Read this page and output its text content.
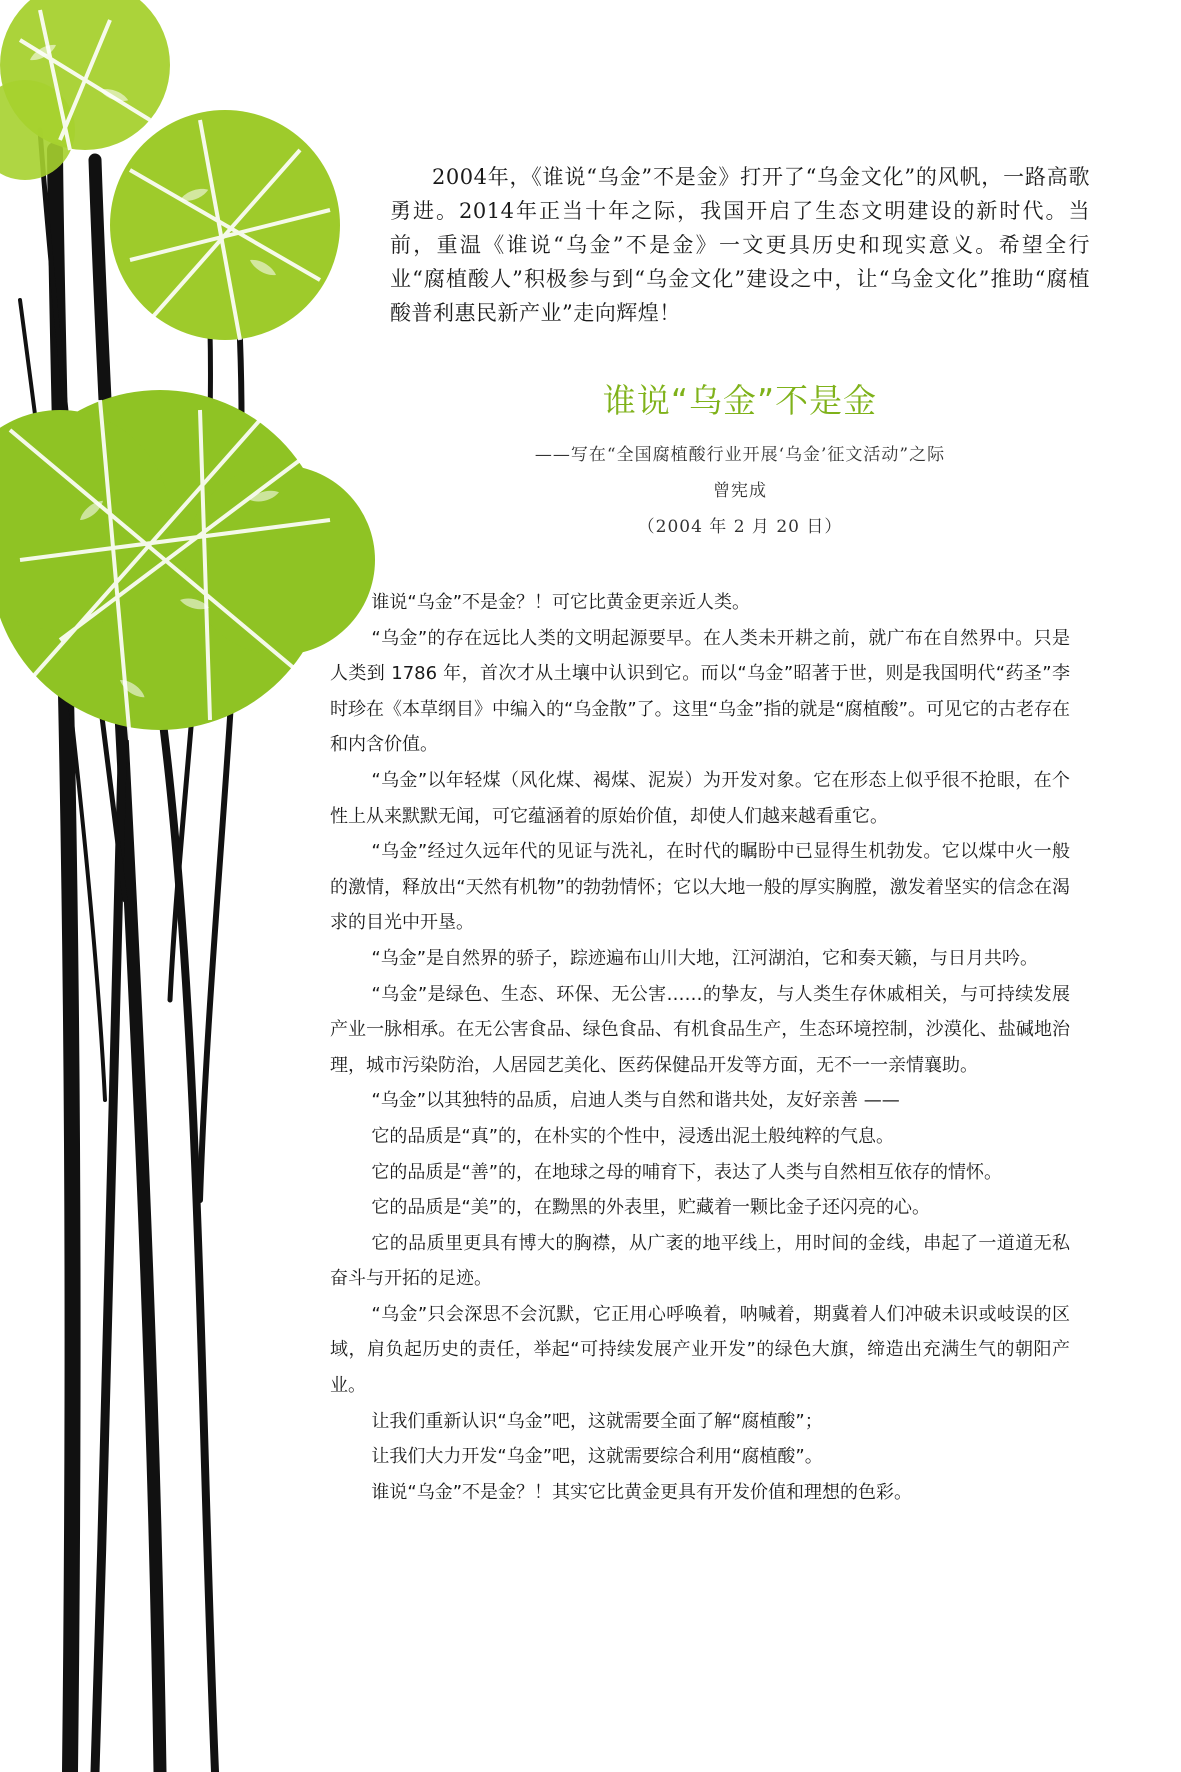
2004年，《谁说“乌金”不是金》打开了“乌金文化”的风帆，一路高歌勇进。2014年正当十年之际，我国开启了生态文明建设的新时代。当前，重温《谁说“乌金”不是金》一文更具历史和现实意义。希望全行业“腐植酸人”积极参与到“乌金文化”建设之中，让“乌金文化”推助“腐植酸普利惠民新产业”走向辉煌！
谁说“乌金”不是金
——写在“全国腐植酸行业开展‘乌金’征文活动”之际
曾宪成
（2004 年 2 月 20 日）

谁说“乌金”不是金？！可它比黄金更亲近人类。

“乌金”的存在远比人类的文明起源要早。在人类未开耕之前，就广布在自然界中。只是人类到 1786 年，首次才从土壤中认识到它。而以“乌金”昭著于世，则是我国明代“药圣”李时珍在《本草纲目》中编入的“乌金散”了。这里“乌金”指的就是“腐植酸”。可见它的古老存在和内含价值。

“乌金”以年轻煤（风化煤、褐煤、泥炭）为开发对象。它在形态上似乎很不抢眼，在个性上从来默默无闻，可它蕴涵着的原始价值，却使人们越来越看重它。

“乌金”经过久远年代的见证与洗礼，在时代的瞩盼中已显得生机勃发。它以煤中火一般的激情，释放出“天然有机物”的勃勃情怀；它以大地一般的厚实胸膛，激发着坚实的信念在渴求的目光中开垦。

“乌金”是自然界的骄子，踪迹遍布山川大地，江河湖泊，它和奏天籁，与日月共吟。

“乌金”是绿色、生态、环保、无公害……的挚友，与人类生存休戚相关，与可持续发展产业一脉相承。在无公害食品、绿色食品、有机食品生产，生态环境控制，沙漠化、盐碱地治理，城市污染防治，人居园艺美化、医药保健品开发等方面，无不一一亲情襄助。

“乌金”以其独特的品质，启迪人类与自然和谐共处，友好亲善 ——

它的品质是“真”的，在朴实的个性中，浸透出泥土般纯粹的气息。

它的品质是“善”的，在地球之母的哺育下，表达了人类与自然相互依存的情怀。

它的品质是“美”的，在黝黑的外表里，贮藏着一颗比金子还闪亮的心。

它的品质里更具有博大的胸襟，从广袤的地平线上，用时间的金线，串起了一道道无私奋斗与开拓的足迹。

“乌金”只会深思不会沉默，它正用心呼唤着，呐喊着，期冀着人们冲破未识或岐误的区域，肩负起历史的责任，举起“可持续发展产业开发”的绿色大旗，缔造出充满生气的朝阳产业。

让我们重新认识“乌金”吧，这就需要全面了解“腐植酸”；

让我们大力开发“乌金”吧，这就需要综合利用“腐植酸”。

谁说“乌金”不是金？！其实它比黄金更具有开发价值和理想的色彩。
